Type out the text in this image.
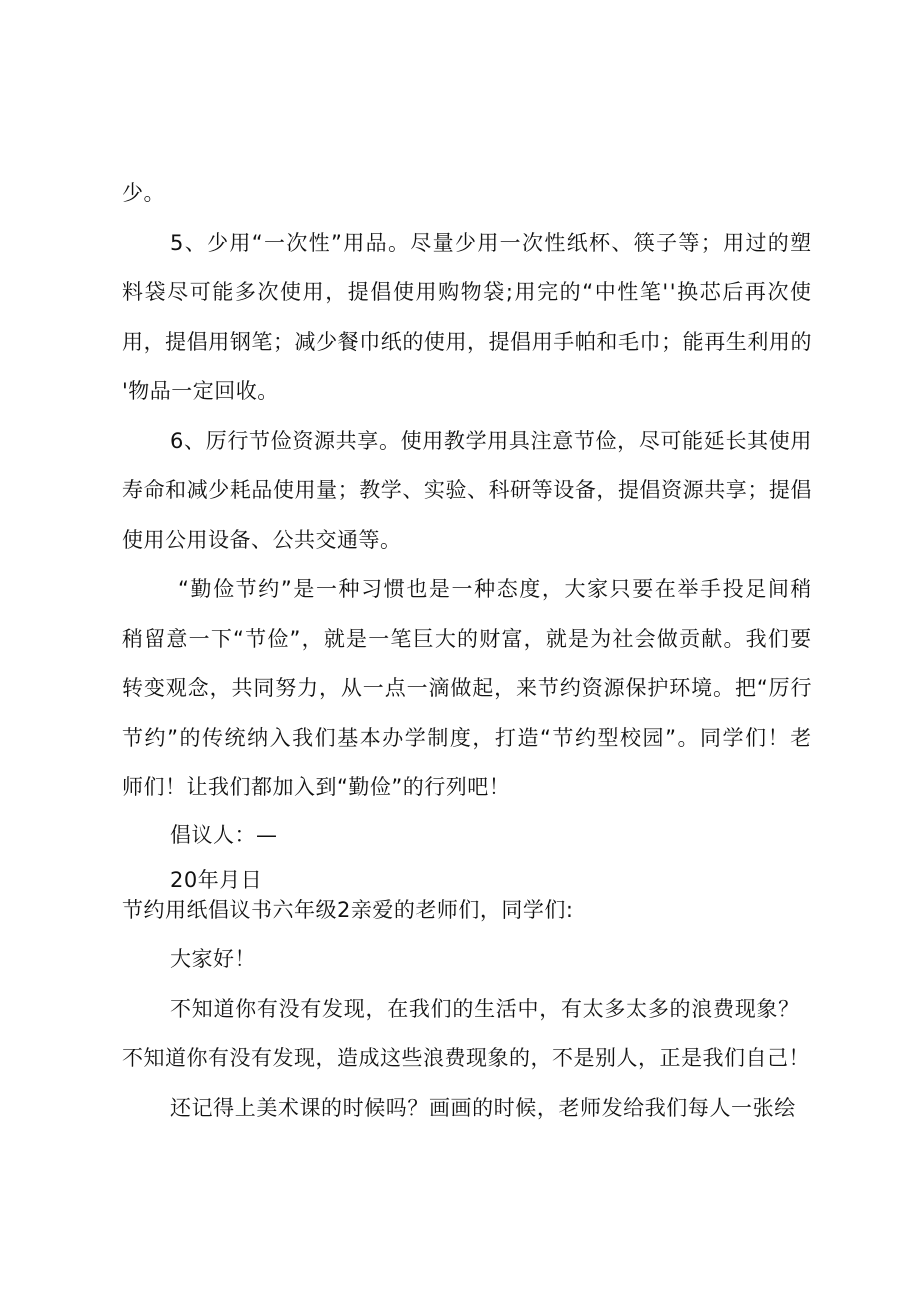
少。
5 、 少 用 “ 一 次 性 ” 用 品 。 尽 量 少 用 一 次 性 纸 杯 、 筷 子 等 ； 用 过 的 塑
料 袋 尽 可 能 多 次 使 用 ， 提 倡 使 用 购 物 袋 ; 用 完 的 “ 中 性 笔 ' ' 换 芯 后 再 次 使
用 ， 提 倡 用 钢 笔 ； 减 少 餐 巾 纸 的 使 用 ， 提 倡 用 手 帕 和 毛 巾 ； 能 再 生 利 用 的
'物品一定回收。
6 、 厉 行 节 俭 资 源 共 享 。 使 用 教 学 用 具 注 意 节 俭 ， 尽 可 能 延 长 其 使 用
寿 命 和 减 少 耗 品 使 用 量 ； 教 学 、 实 验 、 科 研 等 设 备 ， 提 倡 资 源 共 享 ； 提 倡
使用公用设备、公共交通等。
“ 勤 俭 节 约 ” 是 一 种 习 惯 也 是 一 种 态 度 ， 大 家 只 要 在 举 手 投 足 间 稍
稍 留 意 一 下 “ 节 俭 ” ， 就 是 一 笔 巨 大 的 财 富 ， 就 是 为 社 会 做 贡 献 。 我 们 要
转 变 观 念 ， 共 同 努 力 ， 从 一 点 一 滴 做 起 ， 来 节 约 资 源 保 护 环 境 。 把 “ 厉 行
节 约 ” 的 传 统 纳 入 我 们 基 本 办 学 制 度 ， 打 造 “ 节 约 型 校 园 ” 。 同 学 们 ！ 老
师们！让我们都加入到“勤俭”的行列吧！
倡议人：—
20年月日
节约用纸倡议书六年级2亲爱的老师们，同学们:
大家好！
不 知 道 你 有 没 有 发 现 ， 在 我 们 的 生 活 中 ， 有 太 多 太 多 的 浪 费 现 象 ？
不 知 道 你 有 没 有 发 现 ， 造 成 这 些 浪 费 现 象 的 ， 不 是 别 人 ， 正 是 我 们 自 己 ！
还 记 得 上 美 术 课 的 时 候 吗 ？ 画 画 的 时 候 ， 老 师 发 给 我 们 每 人 一 张 绘
